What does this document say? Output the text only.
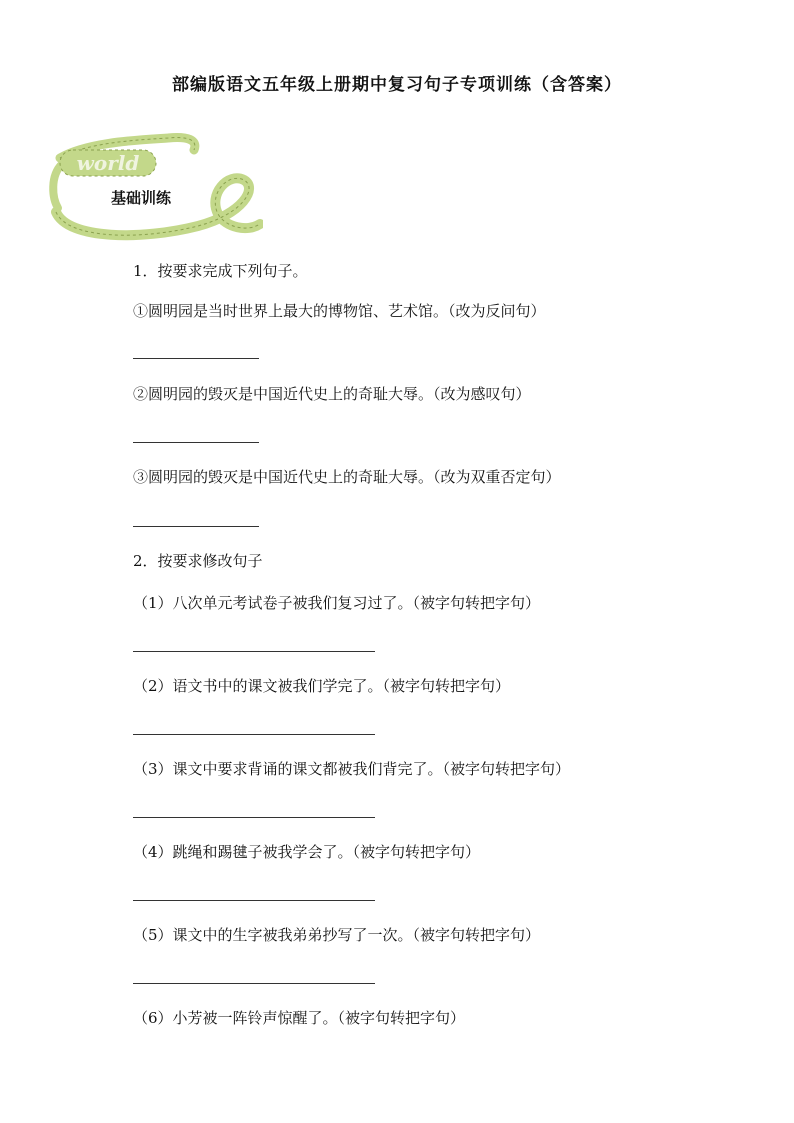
部编版语文五年级上册期中复习句子专项训练（含答案）
world
基础训练
1．按要求完成下列句子。
①圆明园是当时世界上最大的博物馆、艺术馆。（改为反问句）
②圆明园的毁灭是中国近代史上的奇耻大辱。（改为感叹句）
③圆明园的毁灭是中国近代史上的奇耻大辱。（改为双重否定句）
2．按要求修改句子
（1）八次单元考试卷子被我们复习过了。（被字句转把字句）
（2）语文书中的课文被我们学完了。（被字句转把字句）
（3）课文中要求背诵的课文都被我们背完了。（被字句转把字句）
（4）跳绳和踢毽子被我学会了。（被字句转把字句）
（5）课文中的生字被我弟弟抄写了一次。（被字句转把字句）
（6）小芳被一阵铃声惊醒了。（被字句转把字句）
